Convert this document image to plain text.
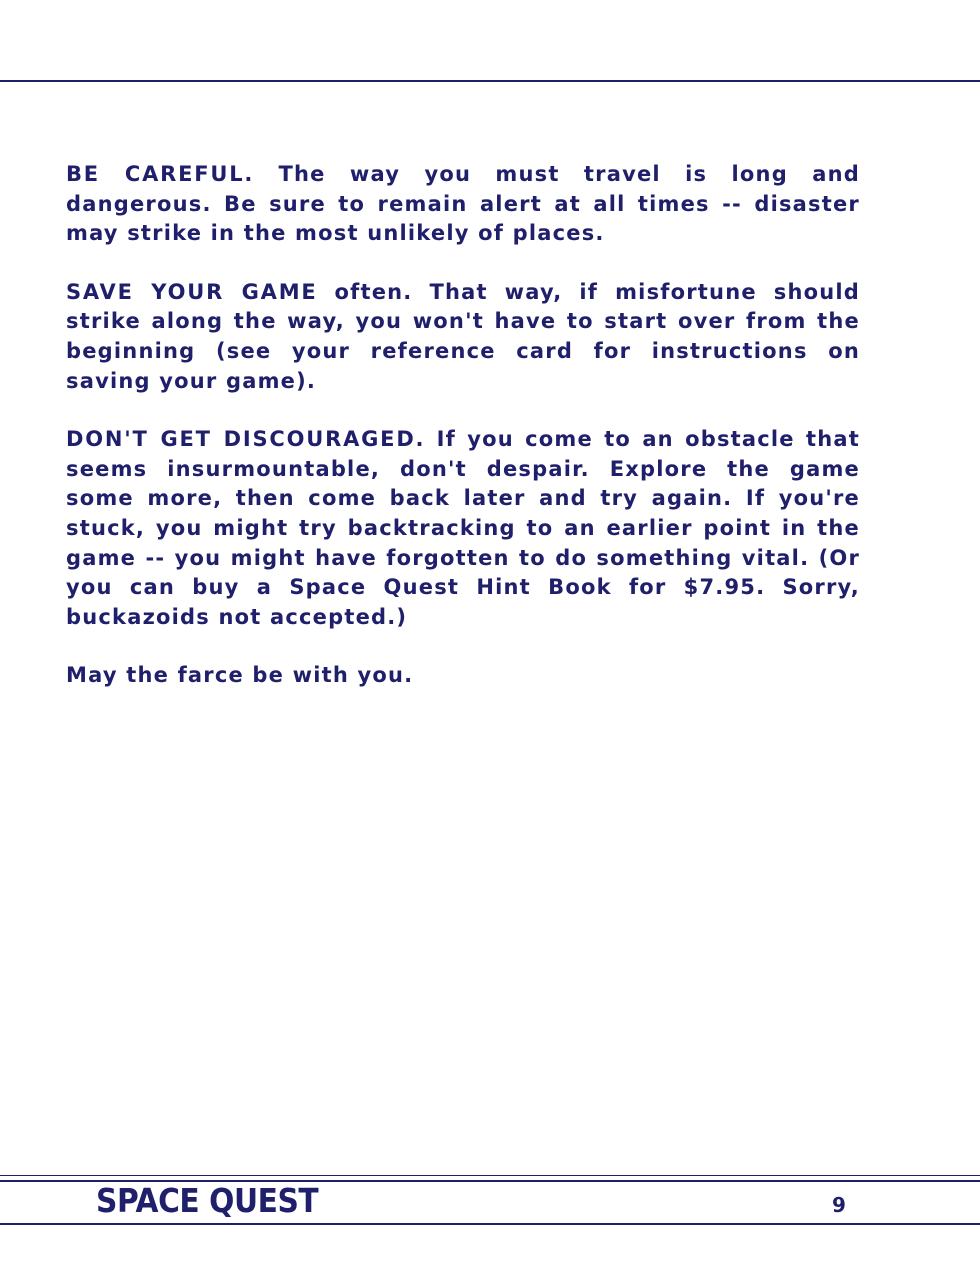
BE CAREFUL. The way you must travel is long and dangerous. Be sure to remain alert at all times -- disaster may strike in the most unlikely of places.

SAVE YOUR GAME often. That way, if misfortune should strike along the way, you won't have to start over from the beginning (see your reference card for instructions on saving your game).

DON'T GET DISCOURAGED. If you come to an obstacle that seems insurmountable, don't despair. Explore the game some more, then come back later and try again. If you're stuck, you might try backtracking to an earlier point in the game -- you might have forgotten to do something vital. (Or you can buy a Space Quest Hint Book for $7.95. Sorry, buckazoids not accepted.)

May the farce be with you.

SPACE QUEST	9
